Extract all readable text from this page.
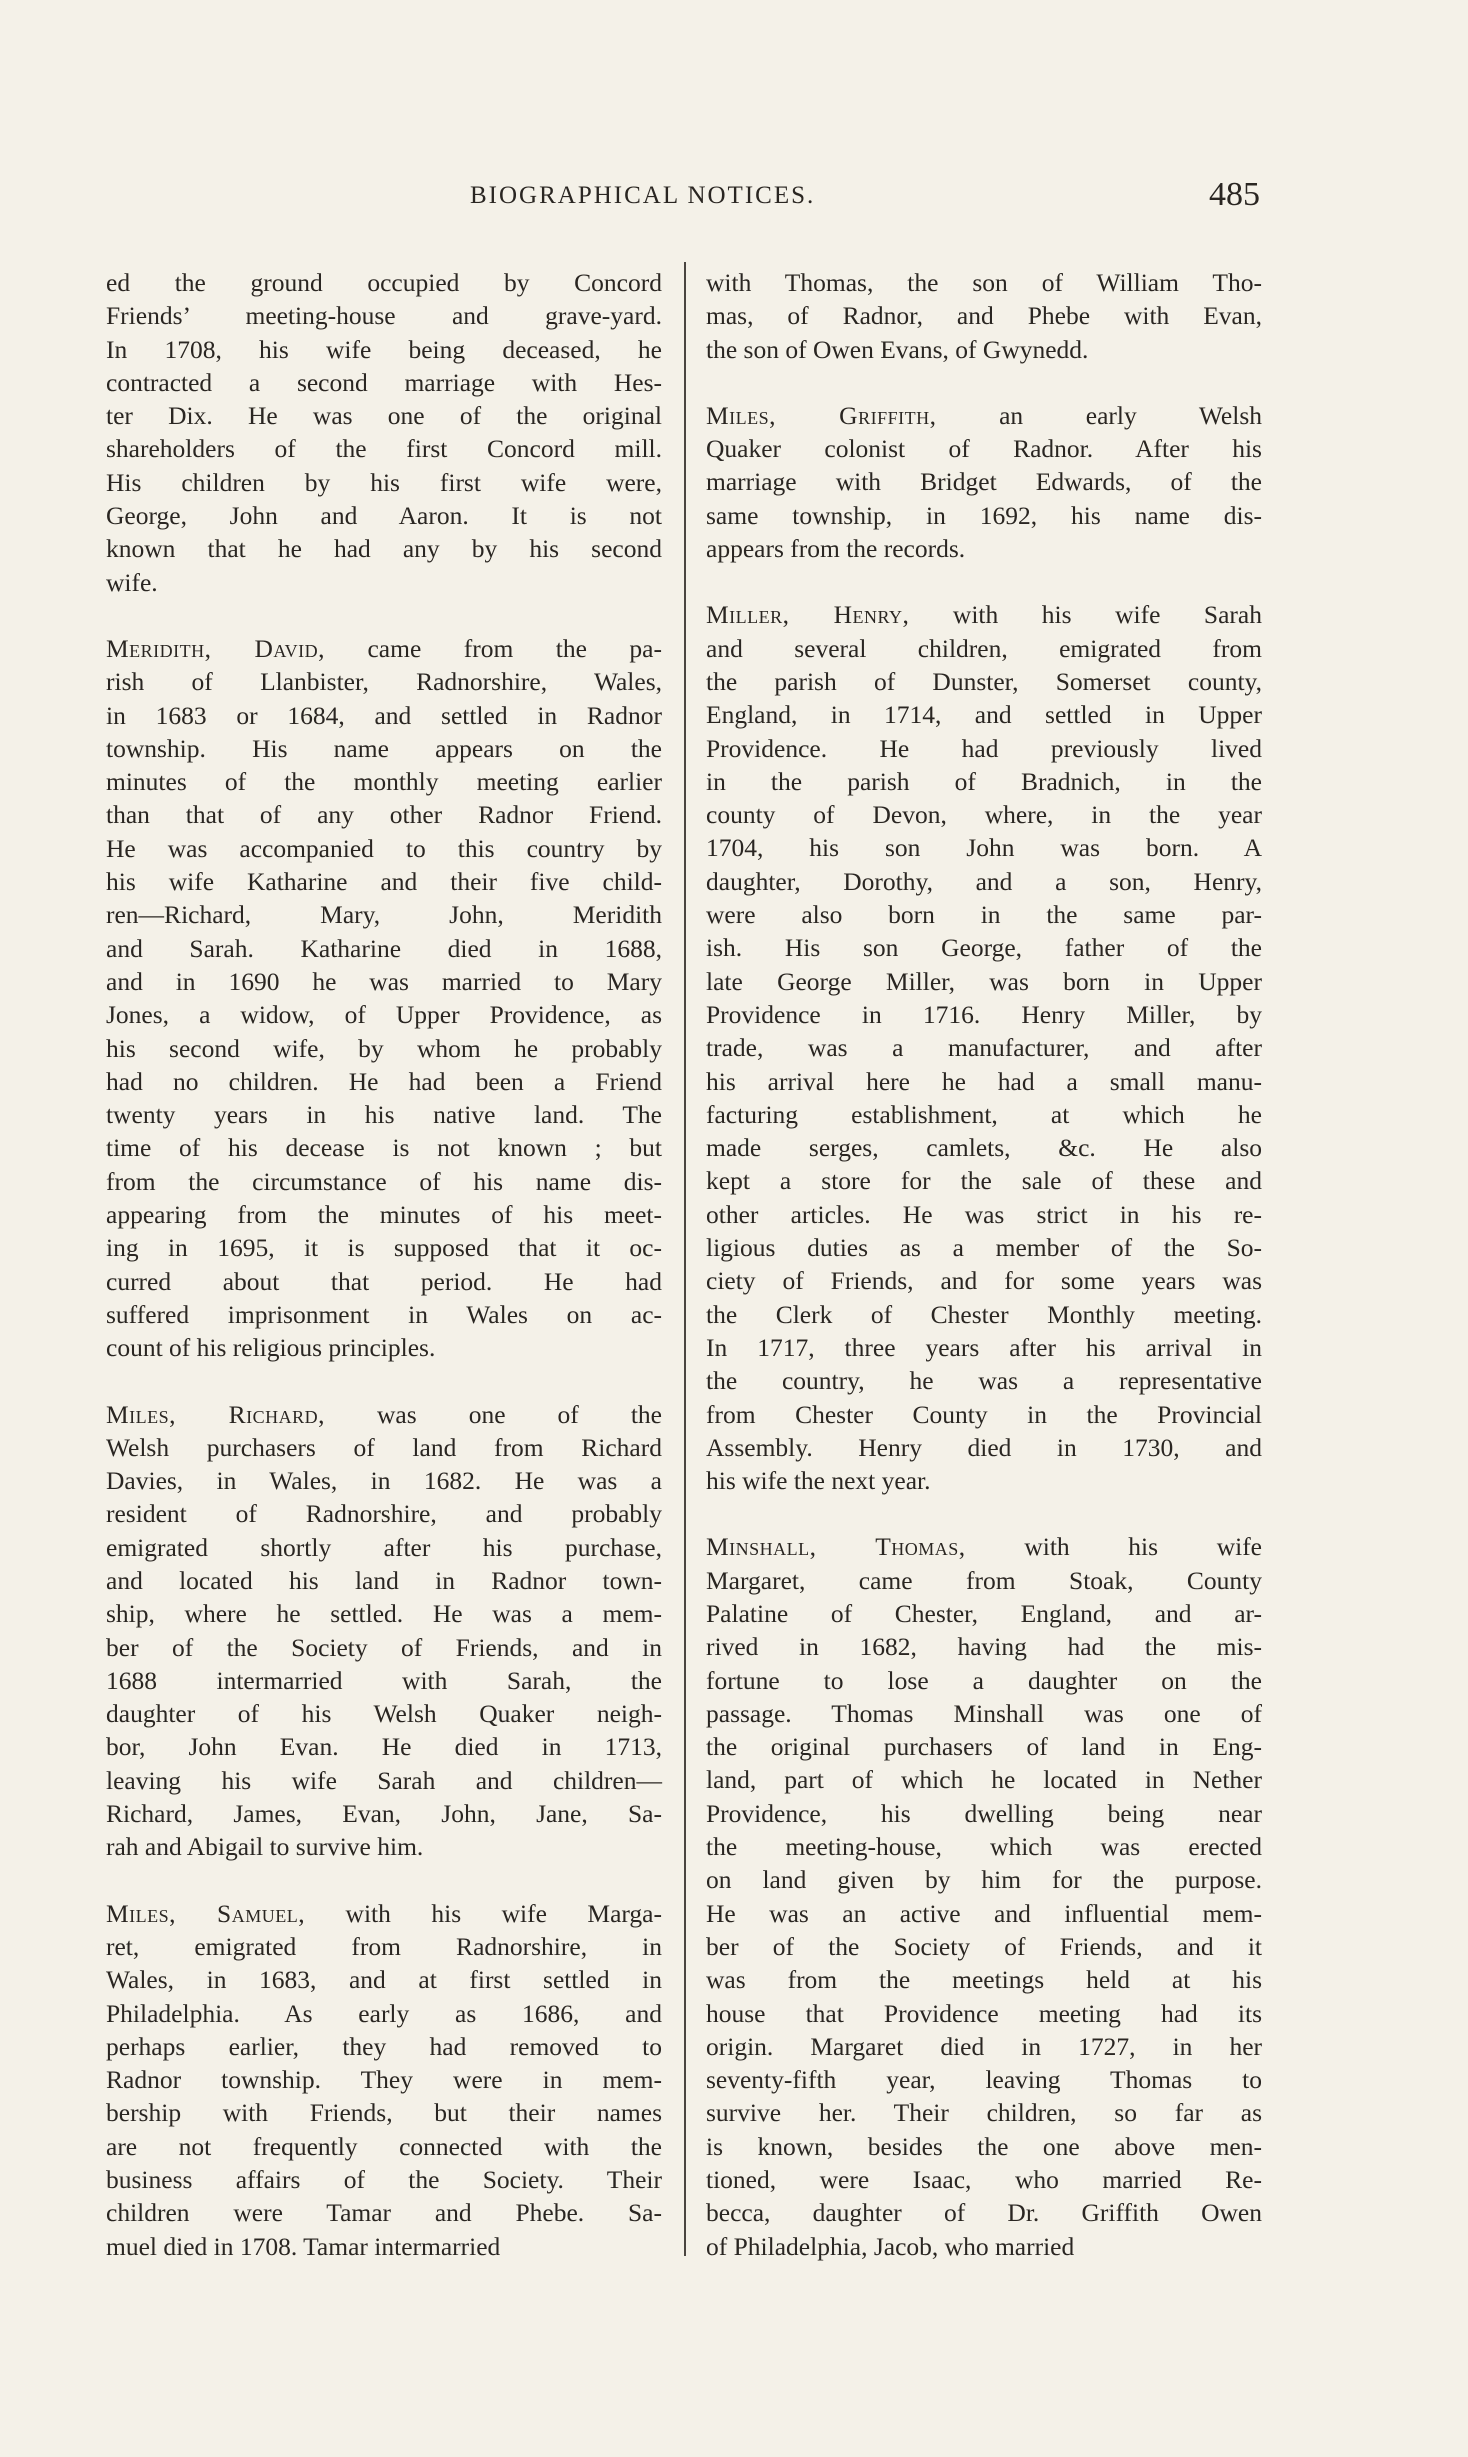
BIOGRAPHICAL NOTICES.	485
ed the ground occupied by Concord
Friends’ meeting-house and grave-yard.
In 1708, his wife being deceased, he
contracted a second marriage with Hes-
ter Dix. He was one of the original
shareholders of the first Concord mill.
His children by his first wife were,
George, John and Aaron. It is not
known that he had any by his second
wife.
Meridith, David, came from the pa-
rish of Llanbister, Radnorshire, Wales,
in 1683 or 1684, and settled in Radnor
township. His name appears on the
minutes of the monthly meeting earlier
than that of any other Radnor Friend.
He was accompanied to this country by
his wife Katharine and their five child-
ren—Richard, Mary, John, Meridith
and Sarah. Katharine died in 1688,
and in 1690 he was married to Mary
Jones, a widow, of Upper Providence, as
his second wife, by whom he probably
had no children. He had been a Friend
twenty years in his native land. The
time of his decease is not known ; but
from the circumstance of his name dis-
appearing from the minutes of his meet-
ing in 1695, it is supposed that it oc-
curred about that period. He had
suffered imprisonment in Wales on ac-
count of his religious principles.
Miles, Richard, was one of the
Welsh purchasers of land from Richard
Davies, in Wales, in 1682. He was a
resident of Radnorshire, and probably
emigrated shortly after his purchase,
and located his land in Radnor town-
ship, where he settled. He was a mem-
ber of the Society of Friends, and in
1688 intermarried with Sarah, the
daughter of his Welsh Quaker neigh-
bor, John Evan. He died in 1713,
leaving his wife Sarah and children—
Richard, James, Evan, John, Jane, Sa-
rah and Abigail to survive him.
Miles, Samuel, with his wife Marga-
ret, emigrated from Radnorshire, in
Wales, in 1683, and at first settled in
Philadelphia. As early as 1686, and
perhaps earlier, they had removed to
Radnor township. They were in mem-
bership with Friends, but their names
are not frequently connected with the
business affairs of the Society. Their
children were Tamar and Phebe. Sa-
muel died in 1708. Tamar intermarried
with Thomas, the son of William Tho-
mas, of Radnor, and Phebe with Evan,
the son of Owen Evans, of Gwynedd.
Miles, Griffith, an early Welsh
Quaker colonist of Radnor. After his
marriage with Bridget Edwards, of the
same township, in 1692, his name dis-
appears from the records.
Miller, Henry, with his wife Sarah
and several children, emigrated from
the parish of Dunster, Somerset county,
England, in 1714, and settled in Upper
Providence. He had previously lived
in the parish of Bradnich, in the
county of Devon, where, in the year
1704, his son John was born. A
daughter, Dorothy, and a son, Henry,
were also born in the same par-
ish. His son George, father of the
late George Miller, was born in Upper
Providence in 1716. Henry Miller, by
trade, was a manufacturer, and after
his arrival here he had a small manu-
facturing establishment, at which he
made serges, camlets, &c. He also
kept a store for the sale of these and
other articles. He was strict in his re-
ligious duties as a member of the So-
ciety of Friends, and for some years was
the Clerk of Chester Monthly meeting.
In 1717, three years after his arrival in
the country, he was a representative
from Chester County in the Provincial
Assembly. Henry died in 1730, and
his wife the next year.
Minshall, Thomas, with his wife
Margaret, came from Stoak, County
Palatine of Chester, England, and ar-
rived in 1682, having had the mis-
fortune to lose a daughter on the
passage. Thomas Minshall was one of
the original purchasers of land in Eng-
land, part of which he located in Nether
Providence, his dwelling being near
the meeting-house, which was erected
on land given by him for the purpose.
He was an active and influential mem-
ber of the Society of Friends, and it
was from the meetings held at his
house that Providence meeting had its
origin. Margaret died in 1727, in her
seventy-fifth year, leaving Thomas to
survive her. Their children, so far as
is known, besides the one above men-
tioned, were Isaac, who married Re-
becca, daughter of Dr. Griffith Owen
of Philadelphia, Jacob, who married
